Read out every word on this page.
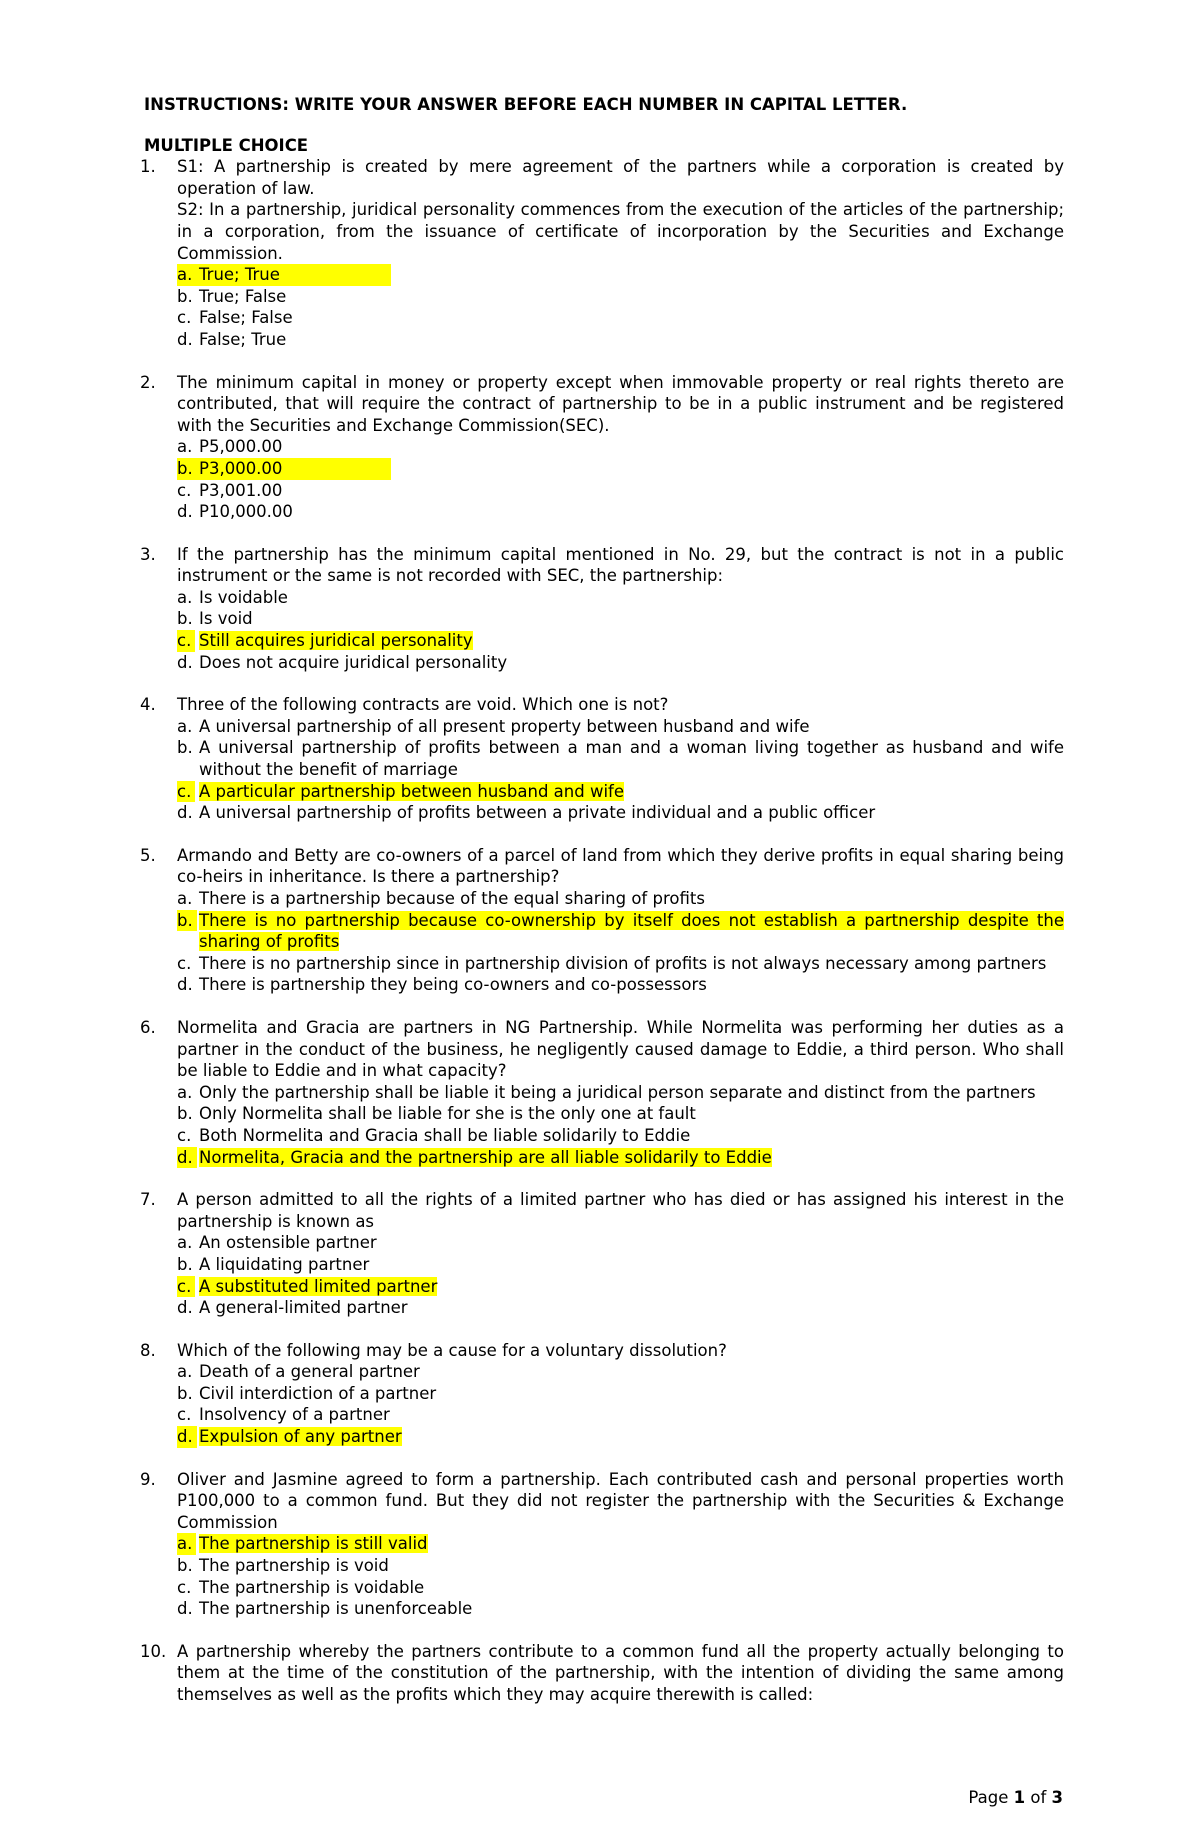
INSTRUCTIONS: WRITE YOUR ANSWER BEFORE EACH NUMBER IN CAPITAL LETTER.

MULTIPLE CHOICE

1.	S1: A partnership is created by mere agreement of the partners while a corporation is created by operation of law.

S2: In a partnership, juridical personality commences from the execution of the articles of the partnership; in a corporation, from the issuance of certificate of incorporation by the Securities and Exchange Commission.

a. True; True
b. True; False
c. False; False
d. False; True
2.	The minimum capital in money or property except when immovable property or real rights thereto are contributed, that will require the contract of partnership to be in a public instrument and be registered with the Securities and Exchange Commission(SEC).

a. P5,000.00
b. P3,000.00
c. P3,001.00
d. P10,000.00
3.	If the partnership has the minimum capital mentioned in No. 29, but the contract is not in a public instrument or the same is not recorded with SEC, the partnership:

a. Is voidable
b. Is void
c. Still acquires juridical personality
d. Does not acquire juridical personality
4.	Three of the following contracts are void. Which one is not?

a. A universal partnership of all present property between husband and wife
b. A universal partnership of profits between a man and a woman living together as husband and wife without the benefit of marriage
c. A particular partnership between husband and wife
d. A universal partnership of profits between a private individual and a public officer
5.	Armando and Betty are co-owners of a parcel of land from which they derive profits in equal sharing being co-heirs in inheritance. Is there a partnership?

a. There is a partnership because of the equal sharing of profits
b. There is no partnership because co-ownership by itself does not establish a partnership despite the sharing of profits
c. There is no partnership since in partnership division of profits is not always necessary among partners
d. There is partnership they being co-owners and co-possessors
6.	Normelita and Gracia are partners in NG Partnership. While Normelita was performing her duties as a partner in the conduct of the business, he negligently caused damage to Eddie, a third person. Who shall be liable to Eddie and in what capacity?

a. Only the partnership shall be liable it being a juridical person separate and distinct from the partners
b. Only Normelita shall be liable for she is the only one at fault
c. Both Normelita and Gracia shall be liable solidarily to Eddie
d. Normelita, Gracia and the partnership are all liable solidarily to Eddie
7.	A person admitted to all the rights of a limited partner who has died or has assigned his interest in the partnership is known as

a. An ostensible partner
b. A liquidating partner
c. A substituted limited partner
d. A general-limited partner
8.	Which of the following may be a cause for a voluntary dissolution?

a. Death of a general partner
b. Civil interdiction of a partner
c. Insolvency of a partner
d. Expulsion of any partner
9.	Oliver and Jasmine agreed to form a partnership. Each contributed cash and personal properties worth P100,000 to a common fund. But they did not register the partnership with the Securities & Exchange Commission

a. The partnership is still valid
b. The partnership is void
c. The partnership is voidable
d. The partnership is unenforceable
10. A partnership whereby the partners contribute to a common fund all the property actually belonging to them at the time of the constitution of the partnership, with the intention of dividing the same among themselves as well as the profits which they may acquire therewith is called:

Page 1 of 3
